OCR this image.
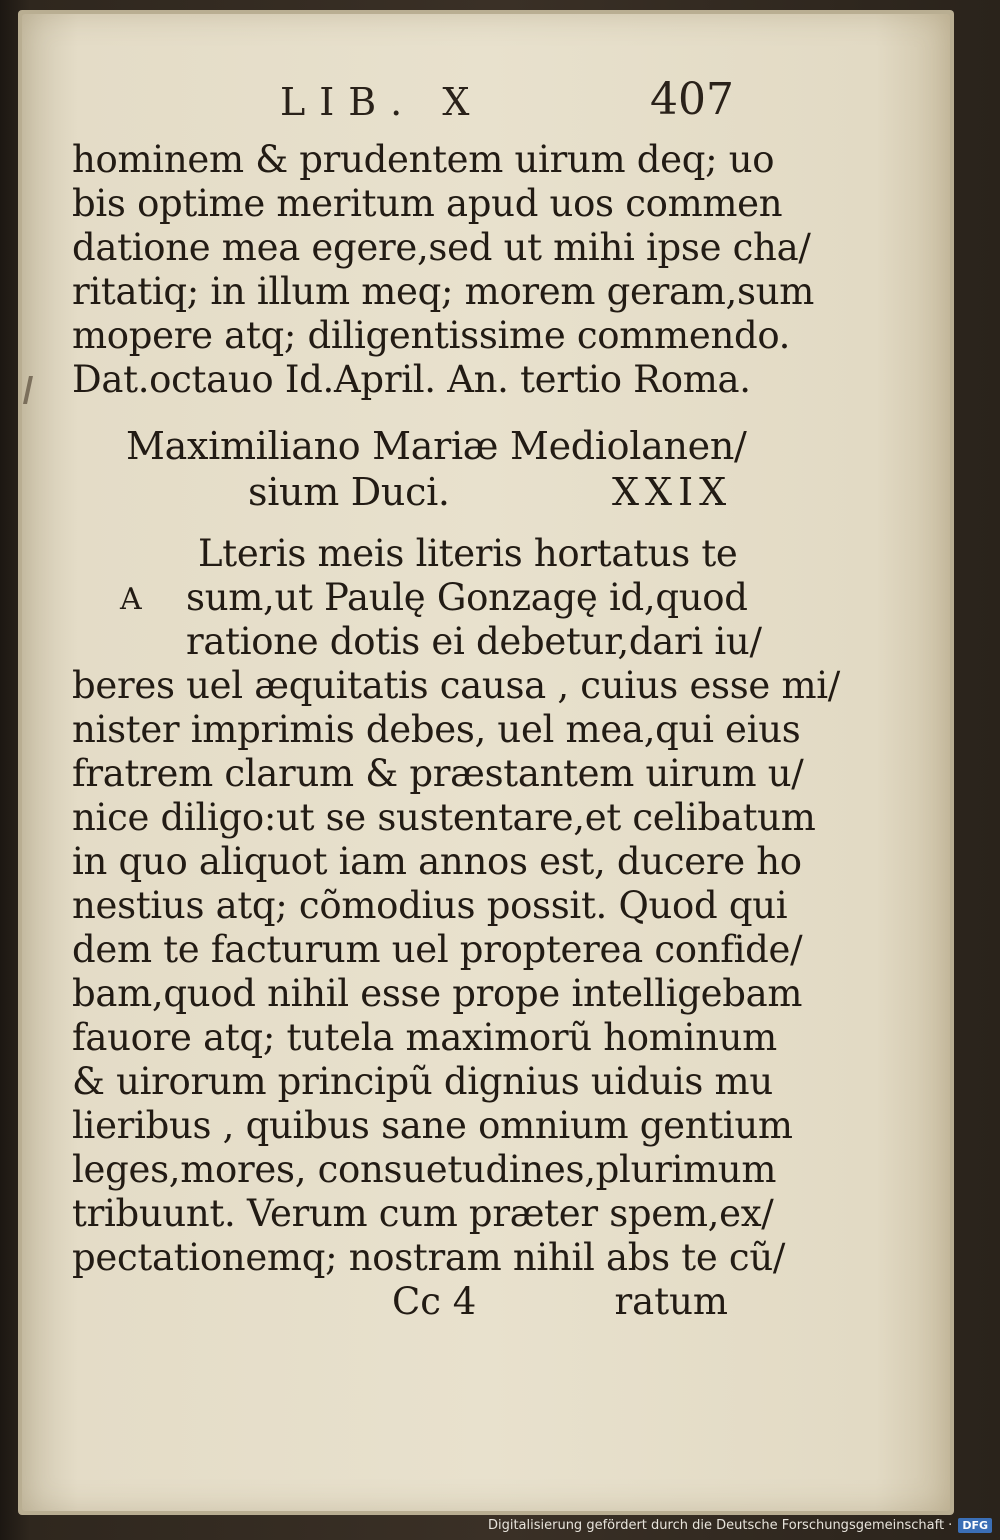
LIB. X	407
hominem & prudentem uirum deq; uo
bis optime meritum apud uos commen
datione mea egere,sed ut mihi ipse cha/
ritatiq; in illum meq; morem geram,sum
mopere atq; diligentissime commendo.
Dat.octauo Id.April. An. tertio Roma.
Maximiliano Mariæ Mediolanen/
sium Duci.	XXIX
Lteris meis literis hortatus te
sum,ut Paulę Gonzagę id,quod
ratione dotis ei debetur,dari iu/
beres uel æquitatis causa , cuius esse mi/
nister imprimis debes, uel mea,qui eius
fratrem clarum & præstantem uirum u/
nice diligo:ut se sustentare,et celibatum
in quo aliquot iam annos est, ducere ho
nestius atq; cõmodius possit. Quod qui
dem te facturum uel propterea confide/
bam,quod nihil esse prope intelligebam
fauore atq; tutela maximorũ hominum
& uirorum principũ dignius uiduis mu
lieribus , quibus sane omnium gentium
leges,mores, consuetudines,plurimum
tribuunt. Verum cum præter spem,ex/
pectationemq; nostram nihil abs te cũ/
A
Cc 4	ratum
Digitalisierung gefördert durch die Deutsche Forschungsgemeinschaft · DFG
